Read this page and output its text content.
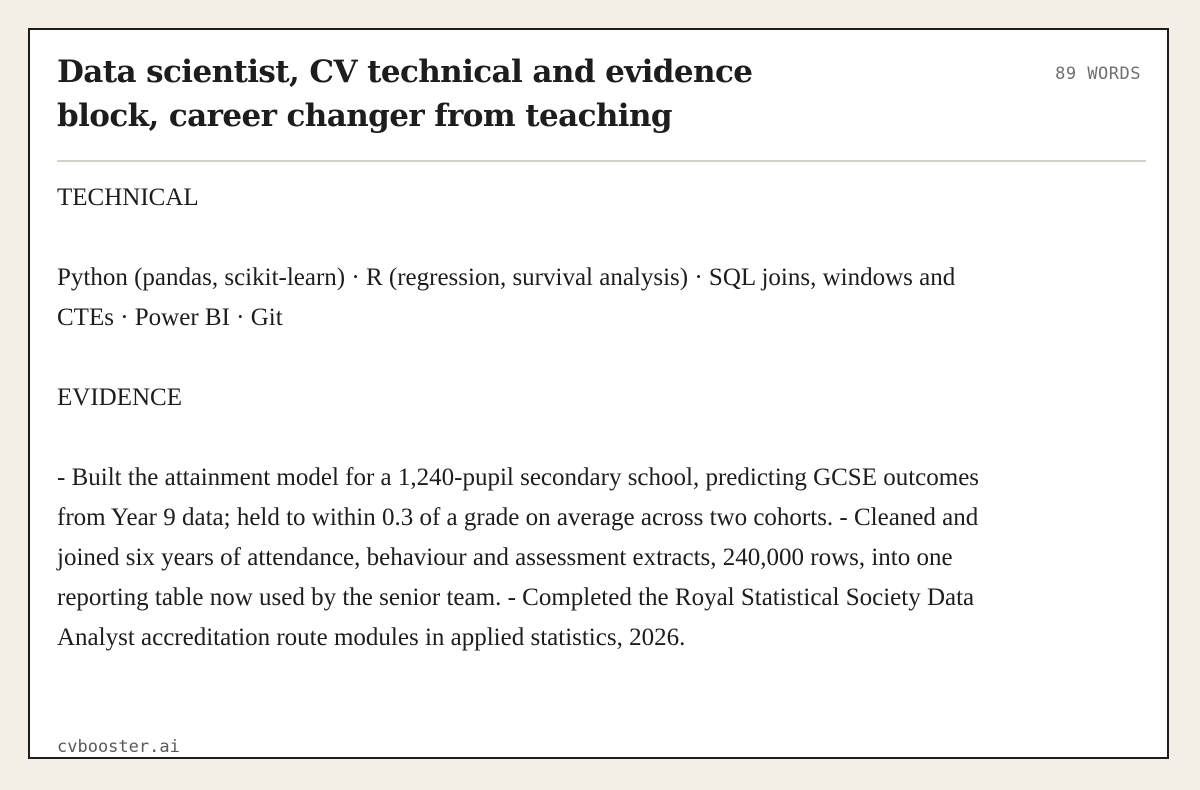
Data scientist, CV technical and evidence block, career changer from teaching
89 WORDS

TECHNICAL

Python (pandas, scikit-learn) · R (regression, survival analysis) · SQL joins, windows and CTEs · Power BI · Git

EVIDENCE

- Built the attainment model for a 1,240-pupil secondary school, predicting GCSE outcomes from Year 9 data; held to within 0.3 of a grade on average across two cohorts. - Cleaned and joined six years of attendance, behaviour and assessment extracts, 240,000 rows, into one reporting table now used by the senior team. - Completed the Royal Statistical Society Data Analyst accreditation route modules in applied statistics, 2026.

cvbooster.ai
